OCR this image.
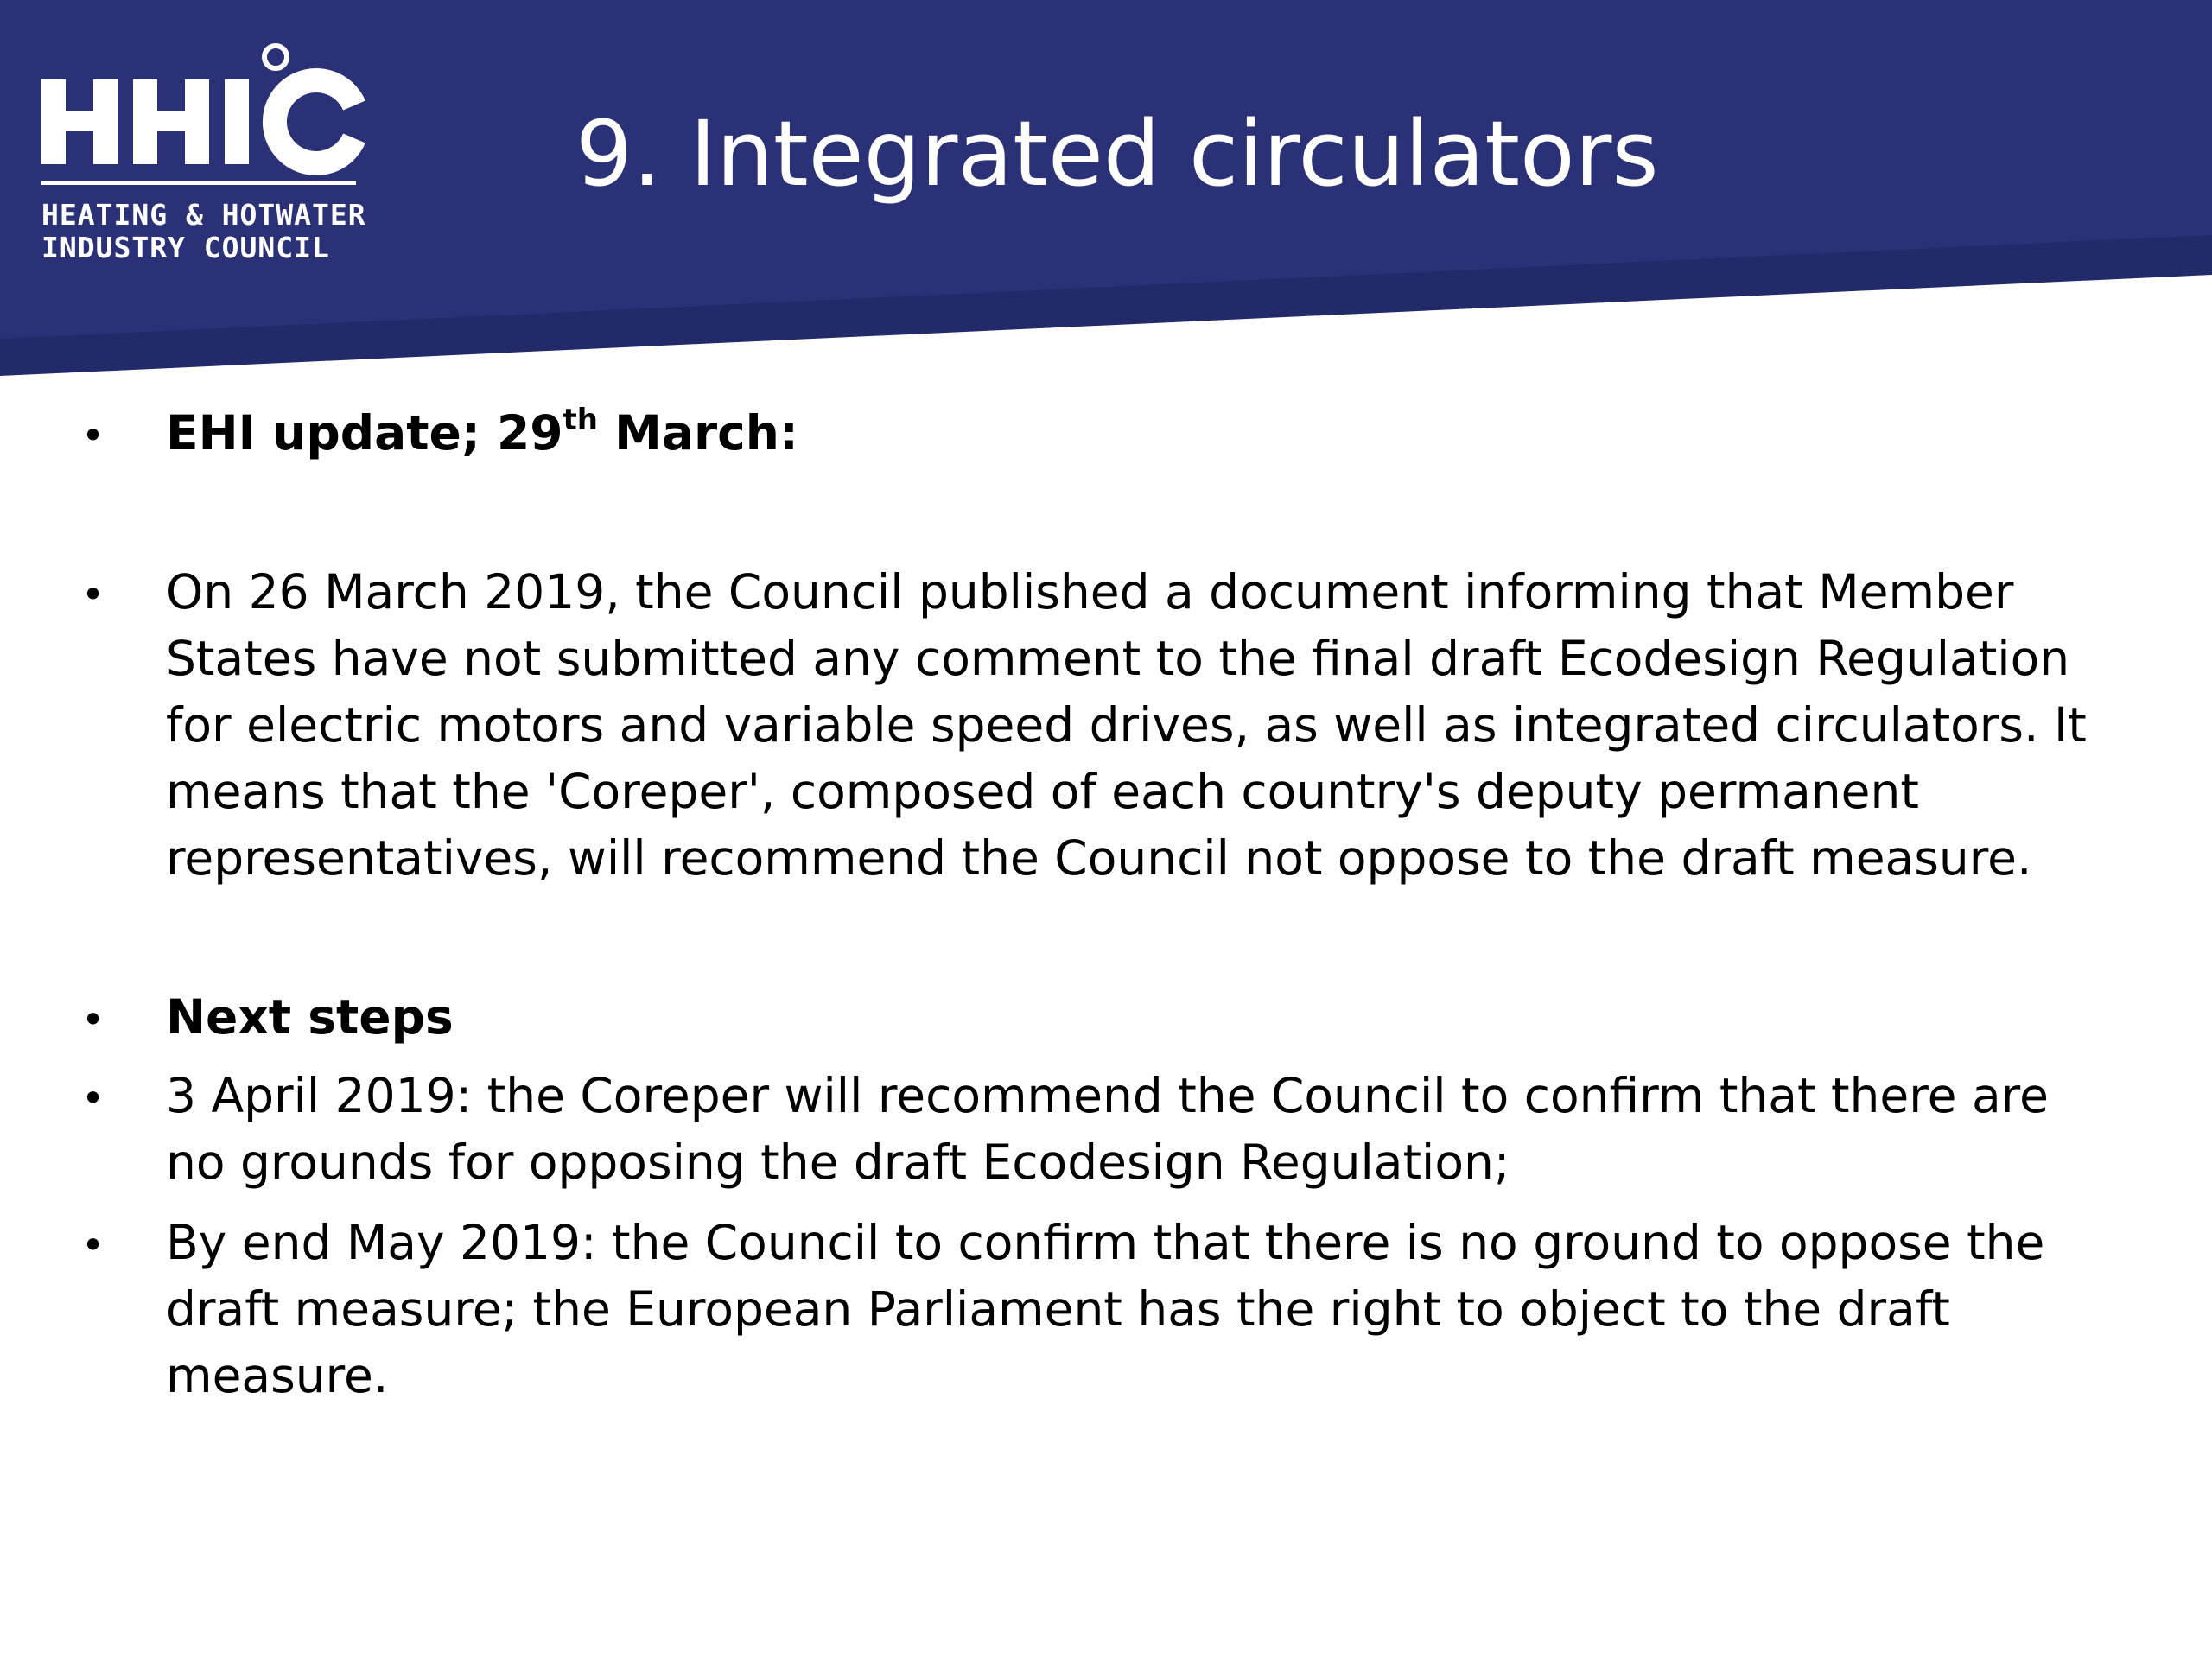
HEATING & HOTWATER
INDUSTRY COUNCIL
9. Integrated circulators
• EHI update; 29th March:
• On 26 March 2019, the Council published a document informing that Member
States have not submitted any comment to the final draft Ecodesign Regulation
for electric motors and variable speed drives, as well as integrated circulators. It
means that the 'Coreper', composed of each country's deputy permanent
representatives, will recommend the Council not oppose to the draft measure.
• Next steps
• 3 April 2019: the Coreper will recommend the Council to confirm that there are
no grounds for opposing the draft Ecodesign Regulation;
• By end May 2019: the Council to confirm that there is no ground to oppose the
draft measure; the European Parliament has the right to object to the draft
measure.
